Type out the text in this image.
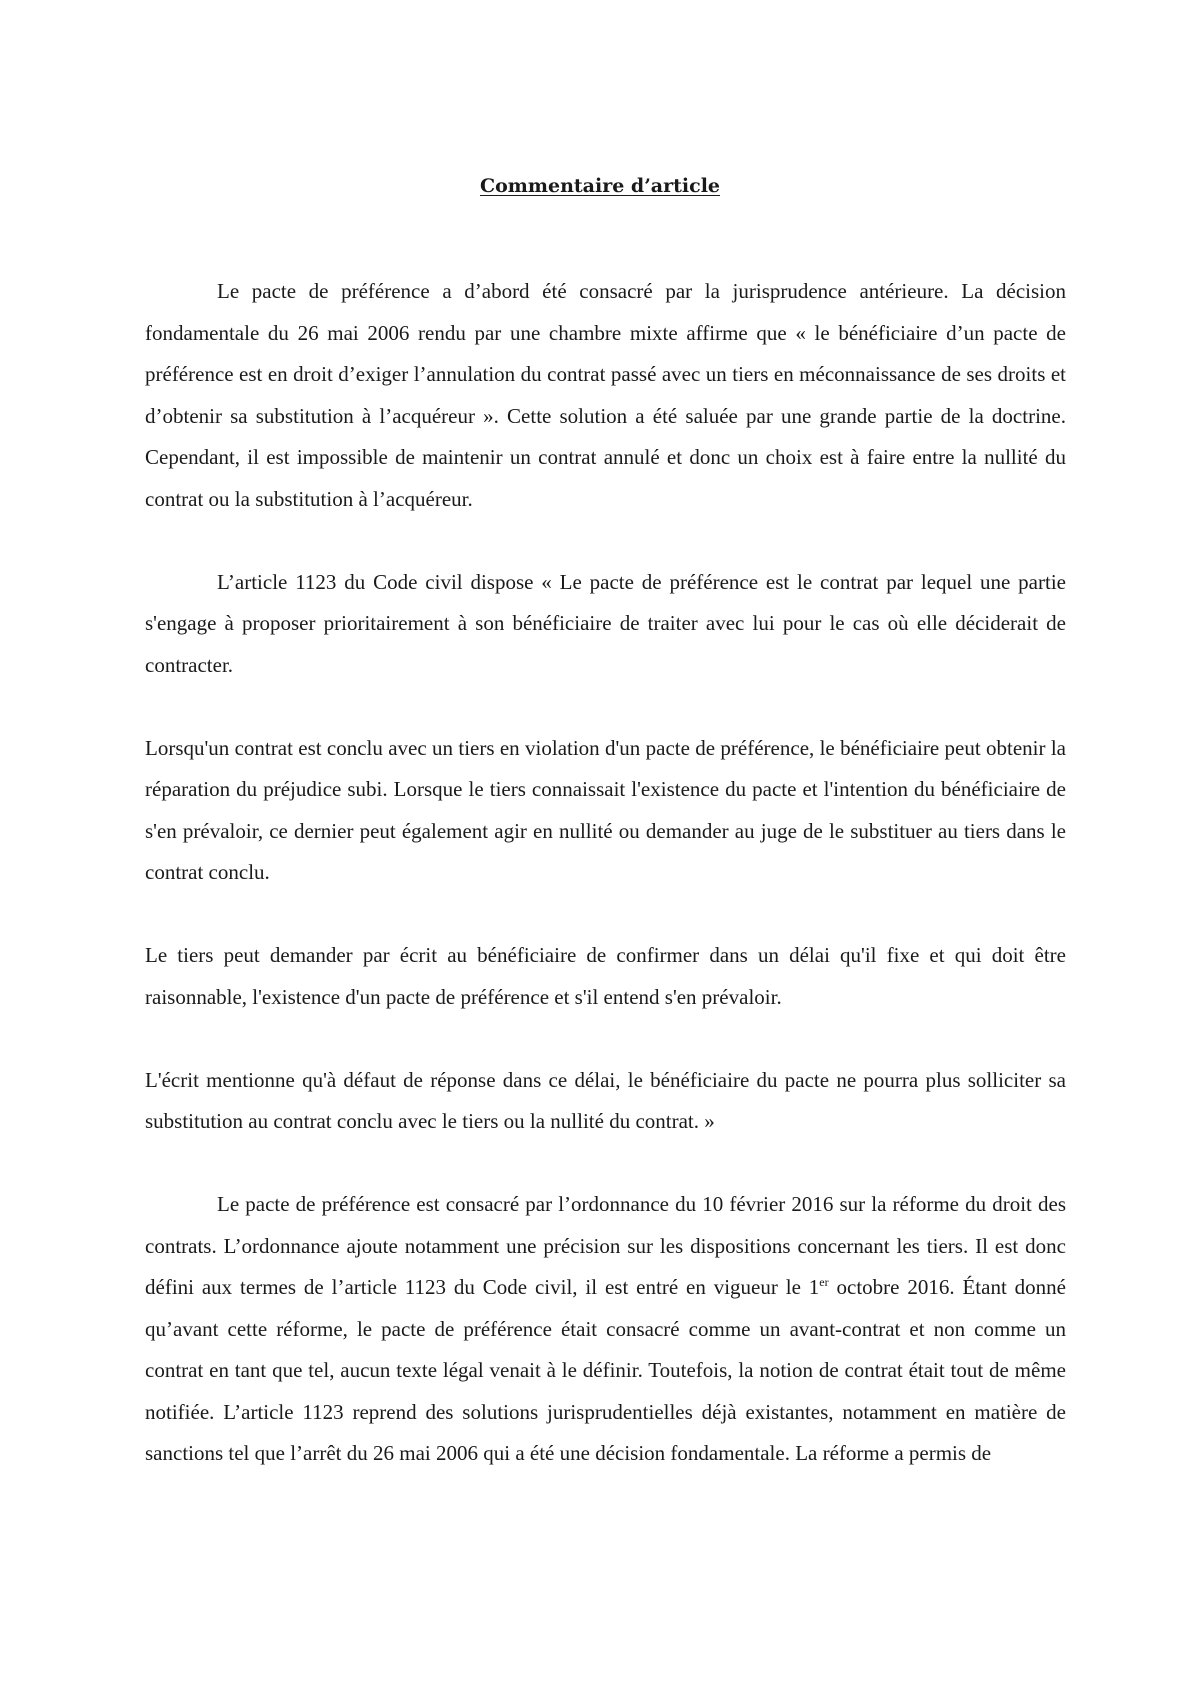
Commentaire d’article

Le pacte de préférence a d’abord été consacré par la jurisprudence antérieure. La décision fondamentale du 26 mai 2006 rendu par une chambre mixte affirme que « le bénéficiaire d’un pacte de préférence est en droit d’exiger l’annulation du contrat passé avec un tiers en méconnaissance de ses droits et d’obtenir sa substitution à l’acquéreur ». Cette solution a été saluée par une grande partie de la doctrine. Cependant, il est impossible de maintenir un contrat annulé et donc un choix est à faire entre la nullité du contrat ou la substitution à l’acquéreur.

L’article 1123 du Code civil dispose « Le pacte de préférence est le contrat par lequel une partie s'engage à proposer prioritairement à son bénéficiaire de traiter avec lui pour le cas où elle déciderait de contracter.

Lorsqu'un contrat est conclu avec un tiers en violation d'un pacte de préférence, le bénéficiaire peut obtenir la réparation du préjudice subi. Lorsque le tiers connaissait l'existence du pacte et l'intention du bénéficiaire de s'en prévaloir, ce dernier peut également agir en nullité ou demander au juge de le substituer au tiers dans le contrat conclu.

Le tiers peut demander par écrit au bénéficiaire de confirmer dans un délai qu'il fixe et qui doit être raisonnable, l'existence d'un pacte de préférence et s'il entend s'en prévaloir.

L'écrit mentionne qu'à défaut de réponse dans ce délai, le bénéficiaire du pacte ne pourra plus solliciter sa substitution au contrat conclu avec le tiers ou la nullité du contrat. »

Le pacte de préférence est consacré par l’ordonnance du 10 février 2016 sur la réforme du droit des contrats. L’ordonnance ajoute notamment une précision sur les dispositions concernant les tiers. Il est donc défini aux termes de l’article 1123 du Code civil, il est entré en vigueur le 1er octobre 2016. Étant donné qu’avant cette réforme, le pacte de préférence était consacré comme un avant-contrat et non comme un contrat en tant que tel, aucun texte légal venait à le définir. Toutefois, la notion de contrat était tout de même notifiée. L’article 1123 reprend des solutions jurisprudentielles déjà existantes, notamment en matière de sanctions tel que l’arrêt du 26 mai 2006 qui a été une décision fondamentale. La réforme a permis de
